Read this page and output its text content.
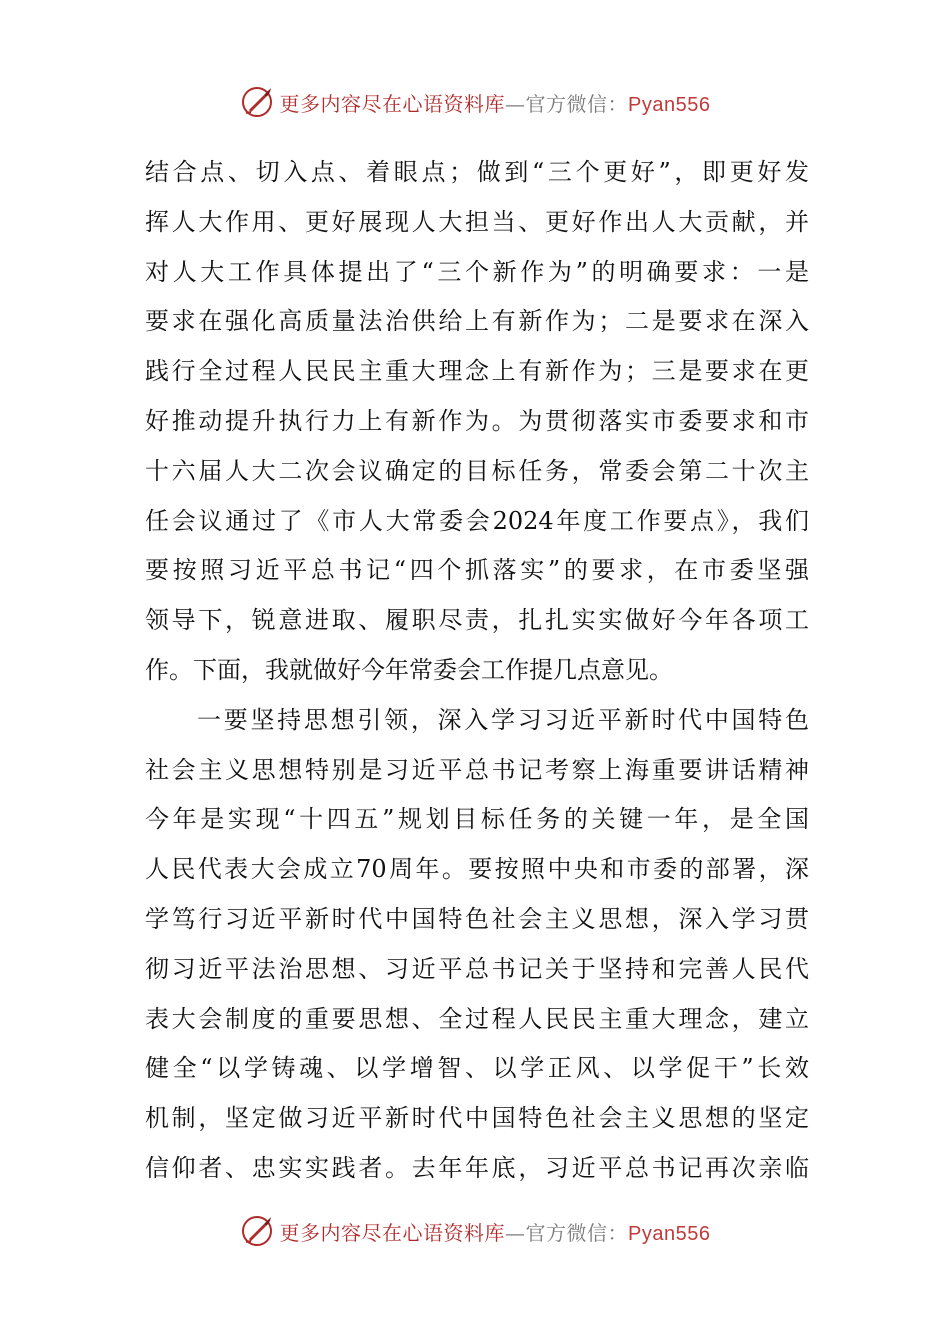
更多内容尽在心语资料库—官方微信：Pyan556
结合点、切入点、着眼点；做到“三个更好”，即更好发
挥人大作用、更好展现人大担当、更好作出人大贡献，并
对人大工作具体提出了“三个新作为”的明确要求：一是
要求在强化高质量法治供给上有新作为；二是要求在深入
践行全过程人民民主重大理念上有新作为；三是要求在更
好推动提升执行力上有新作为。为贯彻落实市委要求和市
十六届人大二次会议确定的目标任务，常委会第二十次主
任会议通过了《市人大常委会2024年度工作要点》，我们
要按照习近平总书记“四个抓落实”的要求，在市委坚强
领导下，锐意进取、履职尽责，扎扎实实做好今年各项工
作。下面，我就做好今年常委会工作提几点意见。
一要坚持思想引领，深入学习习近平新时代中国特色
社会主义思想特别是习近平总书记考察上海重要讲话精神
今年是实现“十四五”规划目标任务的关键一年，是全国
人民代表大会成立70周年。要按照中央和市委的部署，深
学笃行习近平新时代中国特色社会主义思想，深入学习贯
彻习近平法治思想、习近平总书记关于坚持和完善人民代
表大会制度的重要思想、全过程人民民主重大理念，建立
健全“以学铸魂、以学增智、以学正风、以学促干”长效
机制，坚定做习近平新时代中国特色社会主义思想的坚定
信仰者、忠实实践者。去年年底，习近平总书记再次亲临
更多内容尽在心语资料库—官方微信：Pyan556
